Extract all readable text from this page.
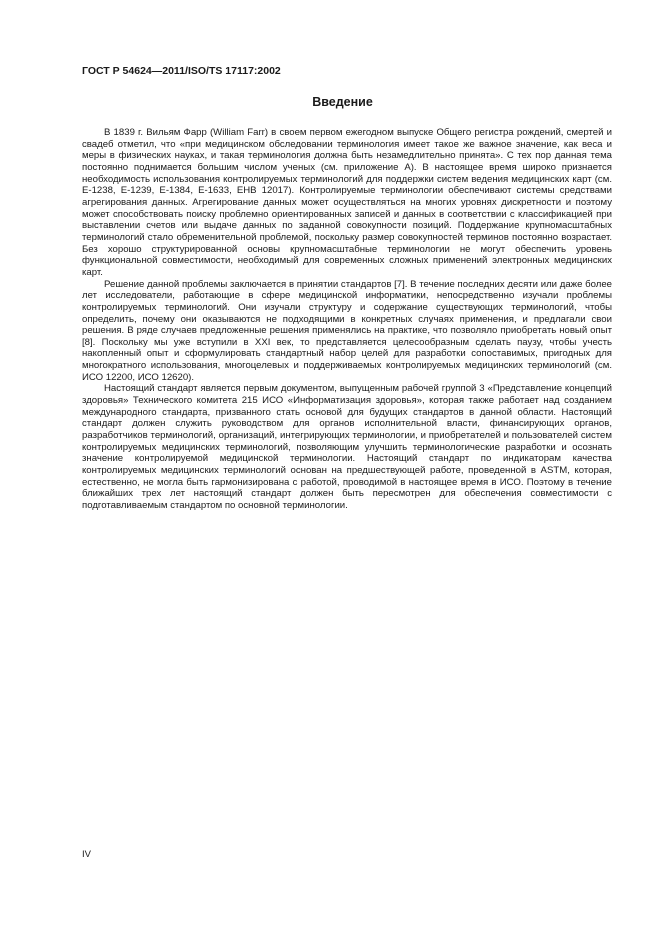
ГОСТ Р 54624—2011/ISO/TS 17117:2002
Введение

В 1839 г. Вильям Фарр (William Farr) в своем первом ежегодном выпуске Общего регистра рождений, смертей и свадеб отметил, что «при медицинском обследовании терминология имеет такое же важное значение, как веса и меры в физических науках, и такая терминология должна быть незамедлительно принята». С тех пор данная тема постоянно поднимается большим числом ученых (см. приложение А). В настоящее время широко признается необходимость использования контролируемых терминологий для поддержки систем ведения медицинских карт (см. Е-1238, Е-1239, Е-1384, Е-1633, ЕНВ 12017). Контролируемые терминологии обеспечивают системы средствами агрегирования данных. Агрегирование данных может осуществляться на многих уровнях дискретности и поэтому может способствовать поиску проблемно ориентированных записей и данных в соответствии с классификацией при выставлении счетов или выдаче данных по заданной совокупности позиций. Поддержание крупномасштабных терминологий стало обременительной проблемой, поскольку размер совокупностей терминов постоянно возрастает. Без хорошо структурированной основы крупномасштабные терминологии не могут обеспечить уровень функциональной совместимости, необходимый для современных сложных применений электронных медицинских карт.

Решение данной проблемы заключается в принятии стандартов [7]. В течение последних десяти или даже более лет исследователи, работающие в сфере медицинской информатики, непосредственно изучали проблемы контролируемых терминологий. Они изучали структуру и содержание существующих терминологий, чтобы определить, почему они оказываются не подходящими в конкретных случаях применения, и предлагали свои решения. В ряде случаев предложенные решения применялись на практике, что позволяло приобретать новый опыт [8]. Поскольку мы уже вступили в XXI век, то представляется целесообразным сделать паузу, чтобы учесть накопленный опыт и сформулировать стандартный набор целей для разработки сопоставимых, пригодных для многократного использования, многоцелевых и поддерживаемых контролируемых медицинских терминологий (см. ИСО 12200, ИСО 12620).

Настоящий стандарт является первым документом, выпущенным рабочей группой 3 «Представление концепций здоровья» Технического комитета 215 ИСО «Информатизация здоровья», которая также работает над созданием международного стандарта, призванного стать основой для будущих стандартов в данной области. Настоящий стандарт должен служить руководством для органов исполнительной власти, финансирующих органов, разработчиков терминологий, организаций, интегрирующих терминологии, и приобретателей и пользователей систем контролируемых медицинских терминологий, позволяющим улучшить терминологические разработки и осознать значение контролируемой медицинской терминологии. Настоящий стандарт по индикаторам качества контролируемых медицинских терминологий основан на предшествующей работе, проведенной в ASTM, которая, естественно, не могла быть гармонизирована с работой, проводимой в настоящее время в ИСО. Поэтому в течение ближайших трех лет настоящий стандарт должен быть пересмотрен для обеспечения совместимости с подготавливаемым стандартом по основной терминологии.

IV
